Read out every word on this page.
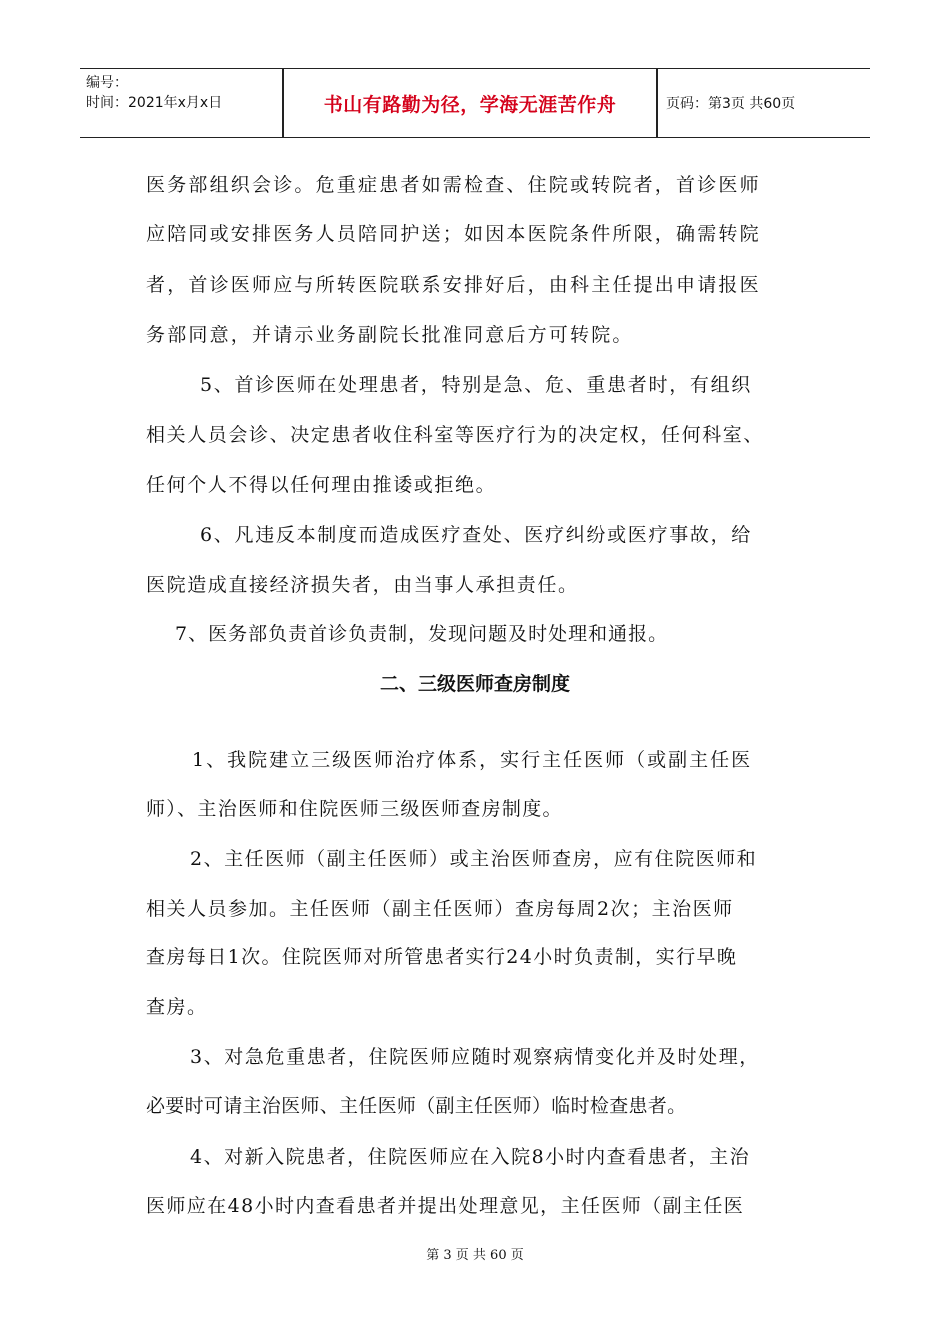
编号：
时间：2021年x月x日	书山有路勤为径，学海无涯苦作舟	页码：第3页 共60页
医务部组织会诊。危重症患者如需检查、住院或转院者，首诊医师
应陪同或安排医务人员陪同护送；如因本医院条件所限，确需转院
者，首诊医师应与所转医院联系安排好后，由科主任提出申请报医
务部同意，并请示业务副院长批准同意后方可转院。
5、首诊医师在处理患者，特别是急、危、重患者时，有组织
相关人员会诊、决定患者收住科室等医疗行为的决定权，任何科室、
任何个人不得以任何理由推诿或拒绝。
6、凡违反本制度而造成医疗查处、医疗纠纷或医疗事故，给
医院造成直接经济损失者，由当事人承担责任。
7、医务部负责首诊负责制，发现问题及时处理和通报。
二、三级医师查房制度
1、我院建立三级医师治疗体系，实行主任医师（或副主任医
师）、主治医师和住院医师三级医师查房制度。
2、主任医师（副主任医师）或主治医师查房，应有住院医师和
相关人员参加。主任医师（副主任医师）查房每周2次；主治医师
查房每日1次。住院医师对所管患者实行24小时负责制，实行早晚
查房。
3、对急危重患者，住院医师应随时观察病情变化并及时处理，
必要时可请主治医师、主任医师（副主任医师）临时检查患者。
4、对新入院患者，住院医师应在入院8小时内查看患者，主治
医师应在48小时内查看患者并提出处理意见，主任医师（副主任医
第 3 页 共 60 页
